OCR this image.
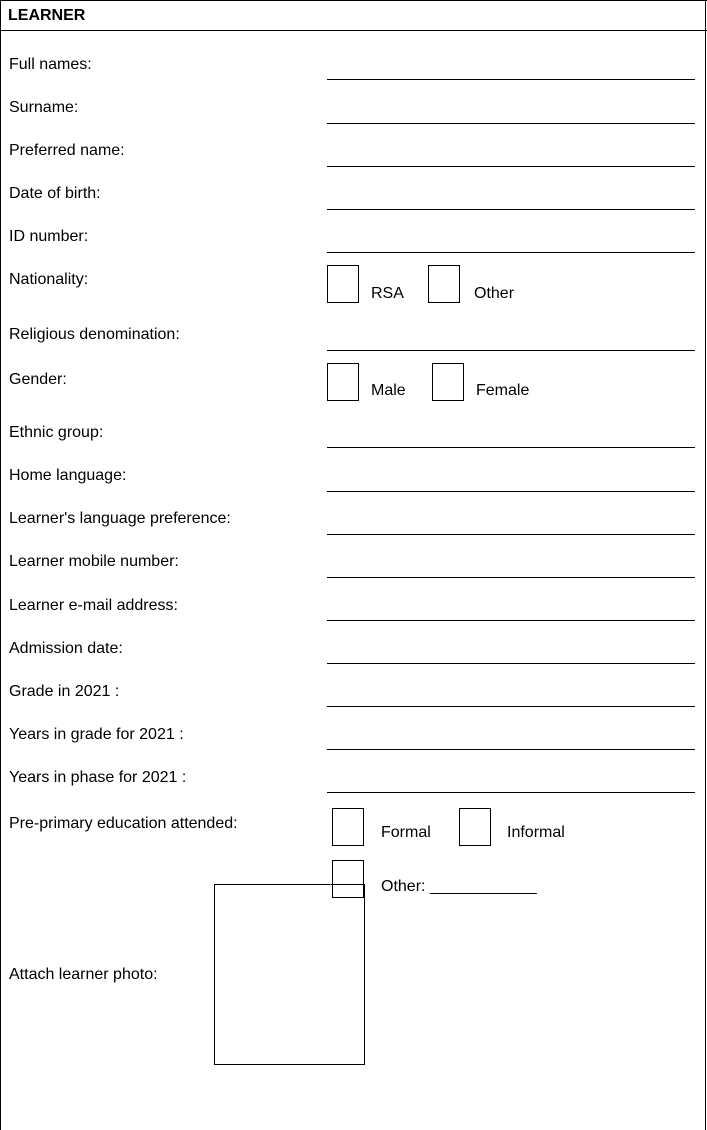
LEARNER
Full names:
Surname:
Preferred name:
Date of birth:
ID number:
Nationality:
RSA	Other
Religious denomination:
Gender:
Male	Female
Ethnic group:
Home language:
Learner's language preference:
Learner mobile number:
Learner e-mail address:
Admission date:
Grade in 2021 :
Years in grade for 2021 :
Years in phase for 2021 :
Pre-primary education attended:
Formal	Informal
Other: ____________
Attach learner photo:
